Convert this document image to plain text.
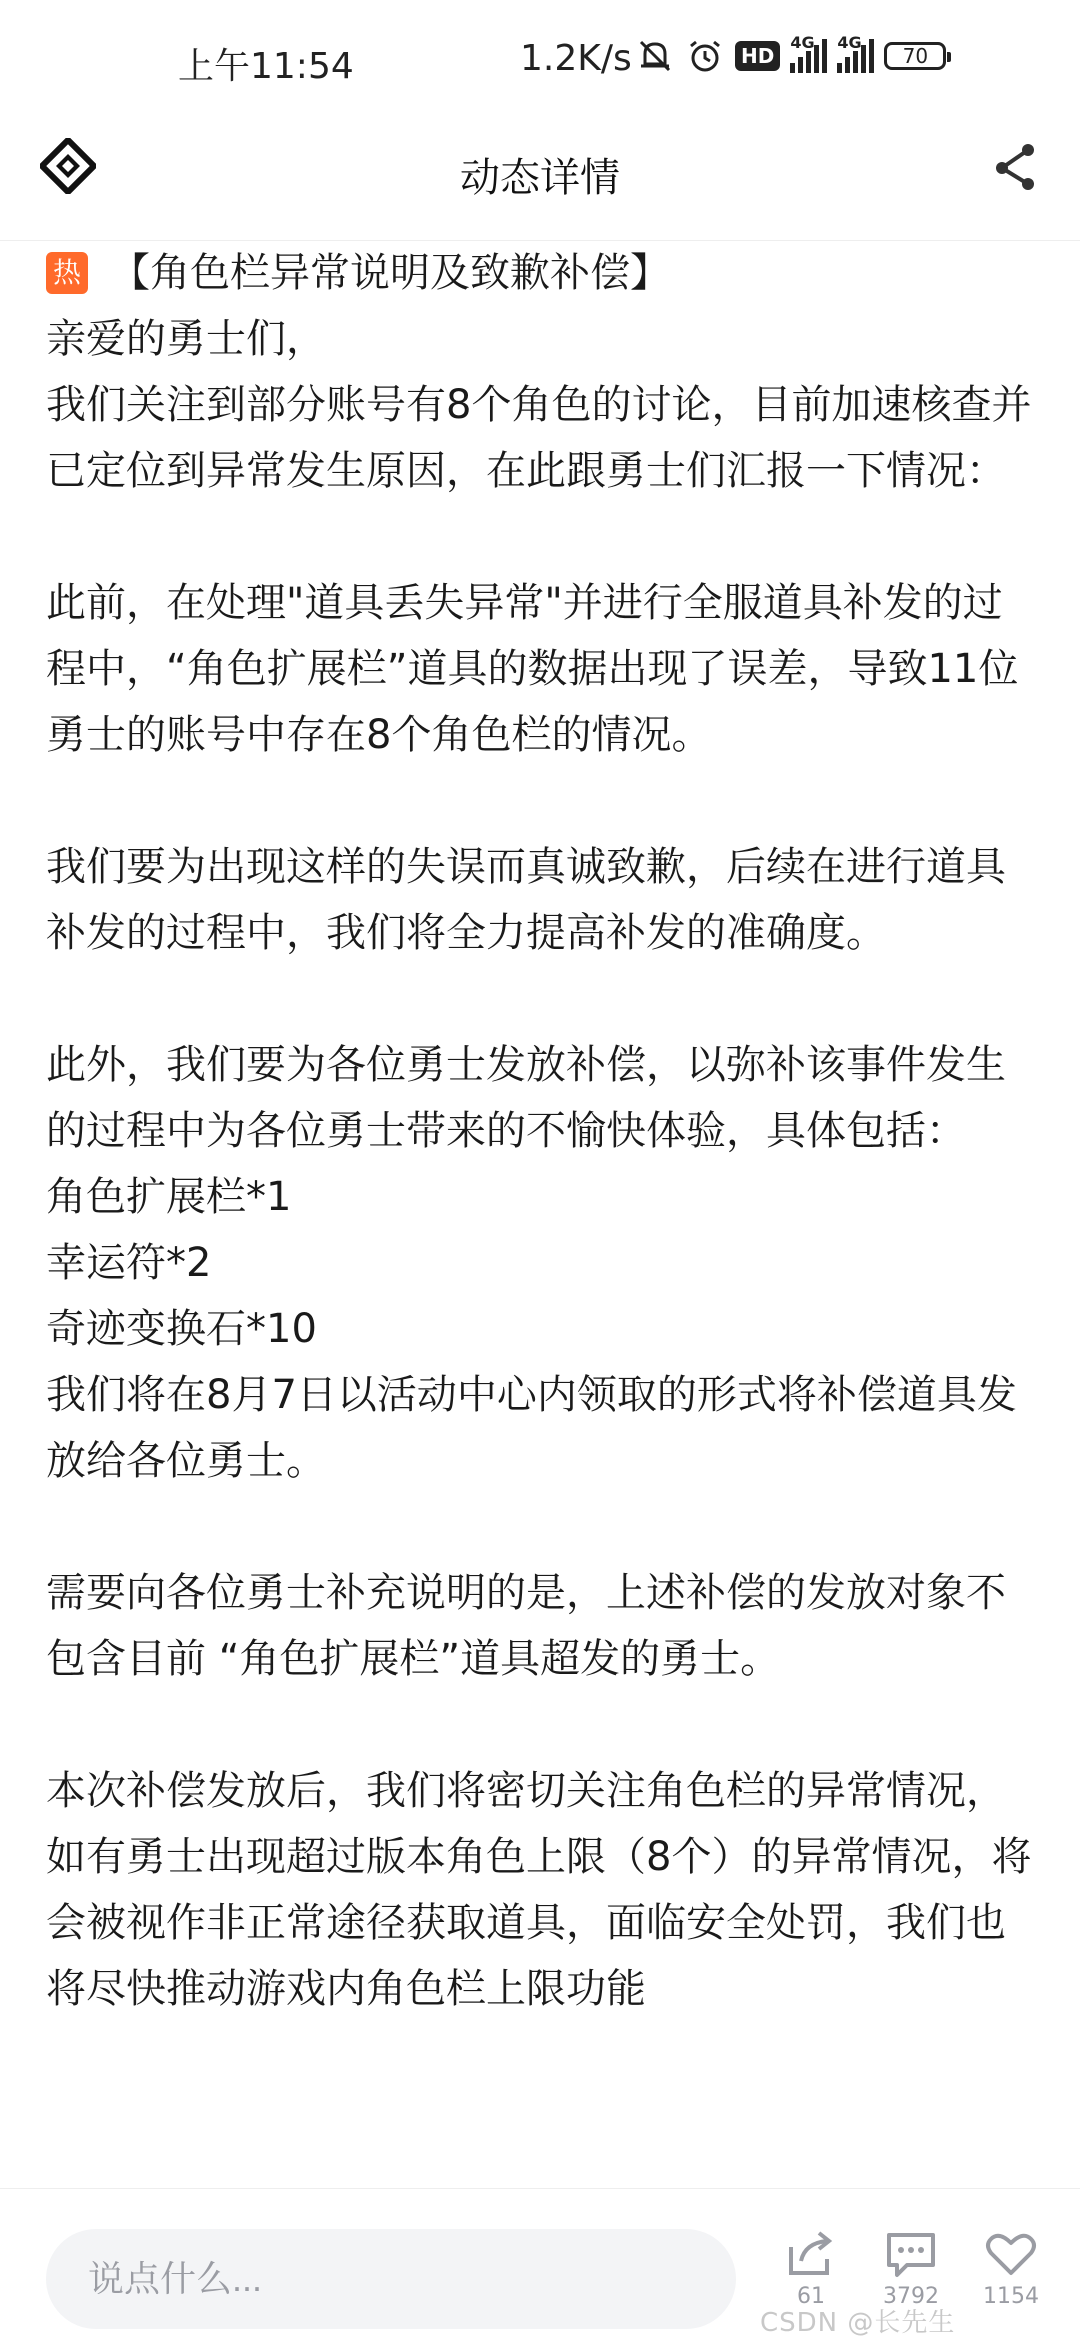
上午11:54	1.2K/s	HD
4G 4G
70
动态详情
热 【角色栏异常说明及致歉补偿】

亲爱的勇士们，

我们关注到部分账号有8个角色的讨论，目前加速核查并已定位到异常发生原因，在此跟勇士们汇报一下情况：

此前，在处理"道具丢失异常"并进行全服道具补发的过程中，“角色扩展栏”道具的数据出现了误差，导致11位勇士的账号中存在8个角色栏的情况。

我们要为出现这样的失误而真诚致歉，后续在进行道具补发的过程中，我们将全力提高补发的准确度。

此外，我们要为各位勇士发放补偿，以弥补该事件发生的过程中为各位勇士带来的不愉快体验，具体包括：

角色扩展栏*1

幸运符*2

奇迹变换石*10

我们将在8月7日以活动中心内领取的形式将补偿道具发放给各位勇士。

需要向各位勇士补充说明的是，上述补偿的发放对象不包含目前 “角色扩展栏”道具超发的勇士。

本次补偿发放后，我们将密切关注角色栏的异常情况，如有勇士出现超过版本角色上限（8个）的异常情况，将会被视作非正常途径获取道具，面临安全处罚，我们也将尽快推动游戏内角色栏上限功能

说点什么...
61	3792	1154
CSDN @长先生
